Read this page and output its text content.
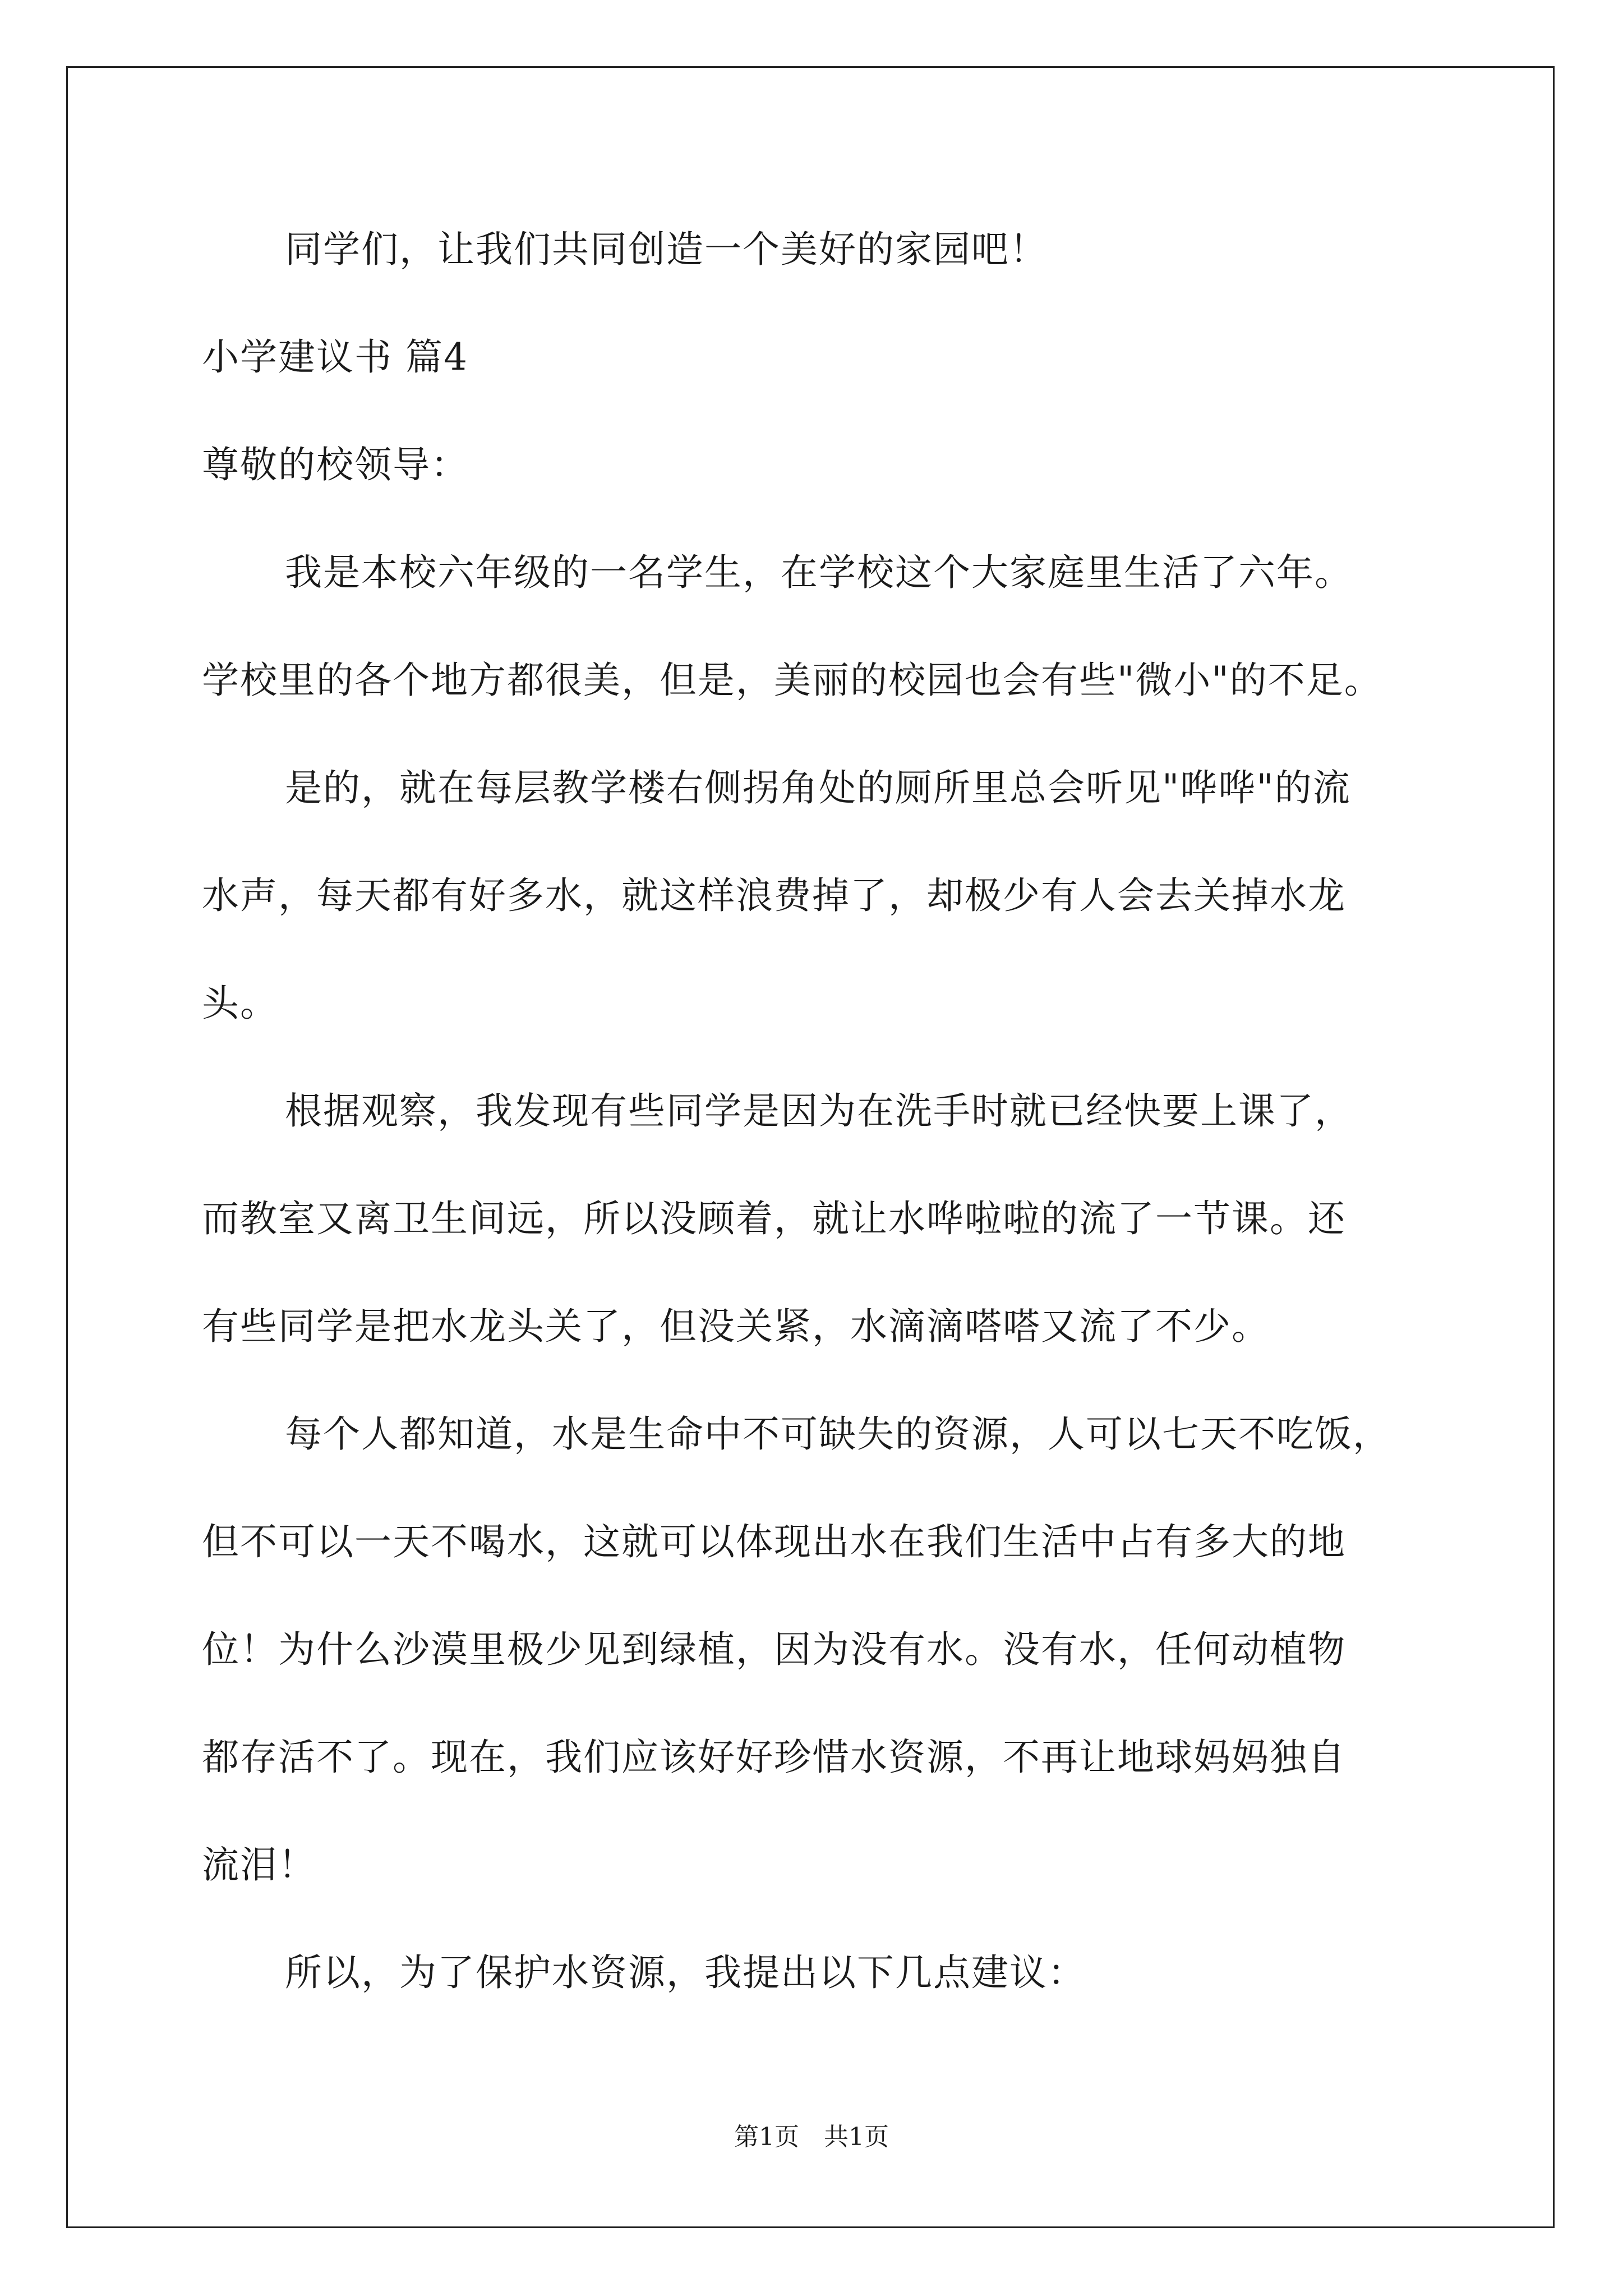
同学们，让我们共同创造一个美好的家园吧！
小学建议书 篇4
尊敬的校领导：
我是本校六年级的一名学生，在学校这个大家庭里生活了六年。
学校里的各个地方都很美，但是，美丽的校园也会有些"微小"的不足。
是的，就在每层教学楼右侧拐角处的厕所里总会听见"哗哗"的流
水声，每天都有好多水，就这样浪费掉了，却极少有人会去关掉水龙
头。
根据观察，我发现有些同学是因为在洗手时就已经快要上课了，
而教室又离卫生间远，所以没顾着，就让水哗啦啦的流了一节课。还
有些同学是把水龙头关了，但没关紧，水滴滴嗒嗒又流了不少。
每个人都知道，水是生命中不可缺失的资源，人可以七天不吃饭，
但不可以一天不喝水，这就可以体现出水在我们生活中占有多大的地
位！为什么沙漠里极少见到绿植，因为没有水。没有水，任何动植物
都存活不了。现在，我们应该好好珍惜水资源，不再让地球妈妈独自
流泪！
所以，为了保护水资源，我提出以下几点建议：
第1页　共1页
